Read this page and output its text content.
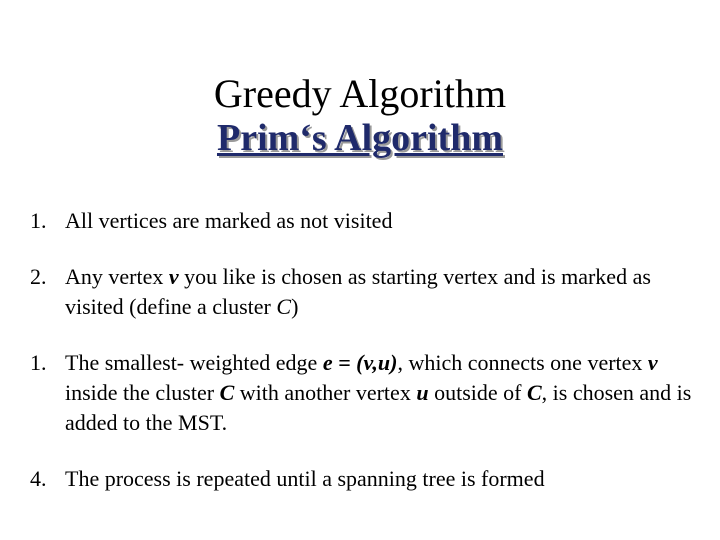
Greedy Algorithm
Prim‘s Algorithm
1. All vertices are marked as not visited
2. Any vertex v you like is chosen as starting vertex and is marked as visited (define a cluster C)
1. The smallest- weighted edge e = (v,u), which connects one vertex v inside the cluster C with another vertex u outside of C, is chosen and is added to the MST.
4. The process is repeated until a spanning tree is formed
